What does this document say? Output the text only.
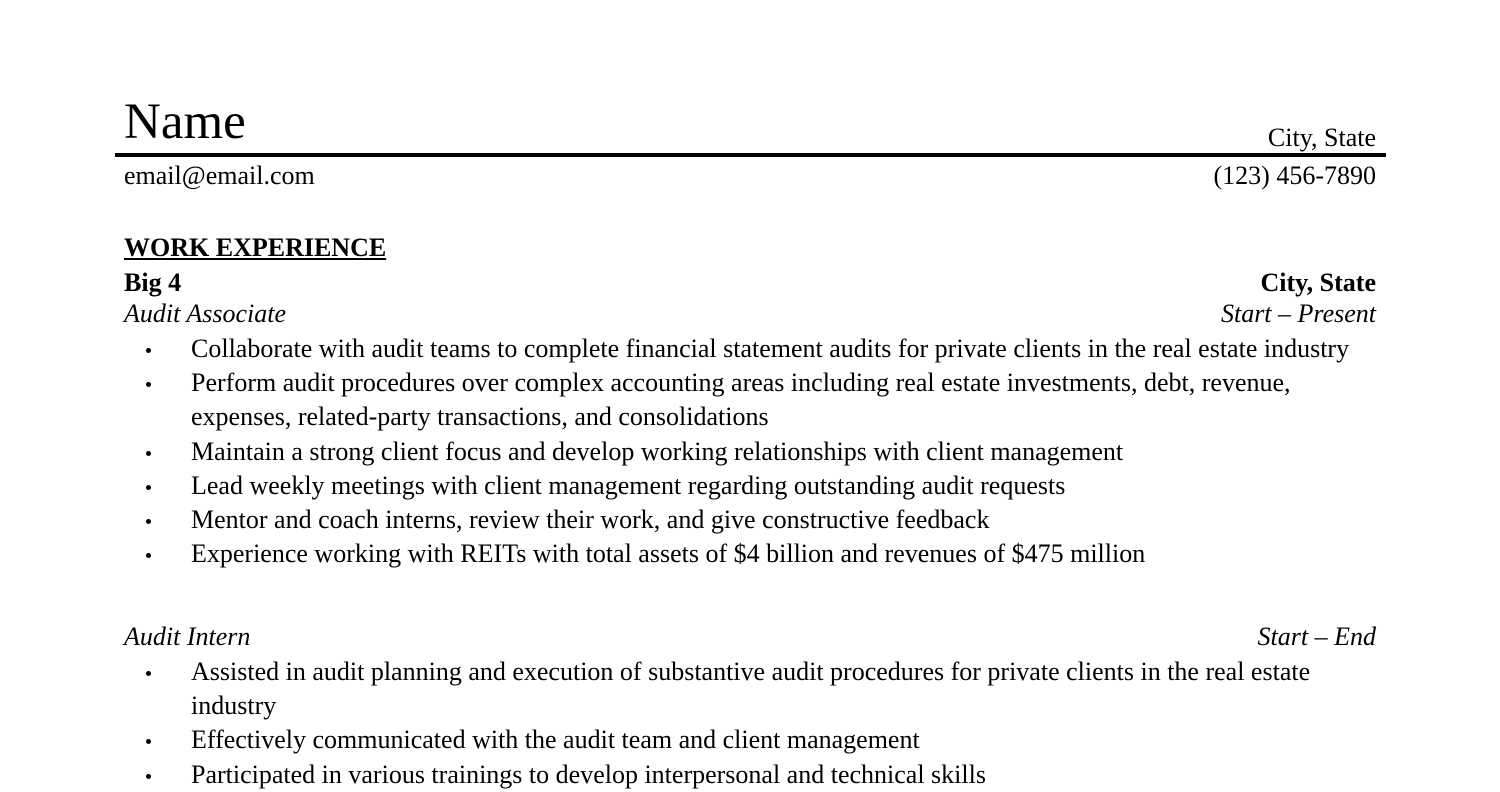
Name	City, State
email@email.com	(123) 456-7890
WORK EXPERIENCE
Big 4	City, State
Audit Associate	Start – Present
Collaborate with audit teams to complete financial statement audits for private clients in the real estate industry
Perform audit procedures over complex accounting areas including real estate investments, debt, revenue, expenses, related-party transactions, and consolidations
Maintain a strong client focus and develop working relationships with client management
Lead weekly meetings with client management regarding outstanding audit requests
Mentor and coach interns, review their work, and give constructive feedback
Experience working with REITs with total assets of $4 billion and revenues of $475 million
Audit Intern	Start – End
Assisted in audit planning and execution of substantive audit procedures for private clients in the real estate industry
Effectively communicated with the audit team and client management
Participated in various trainings to develop interpersonal and technical skills
